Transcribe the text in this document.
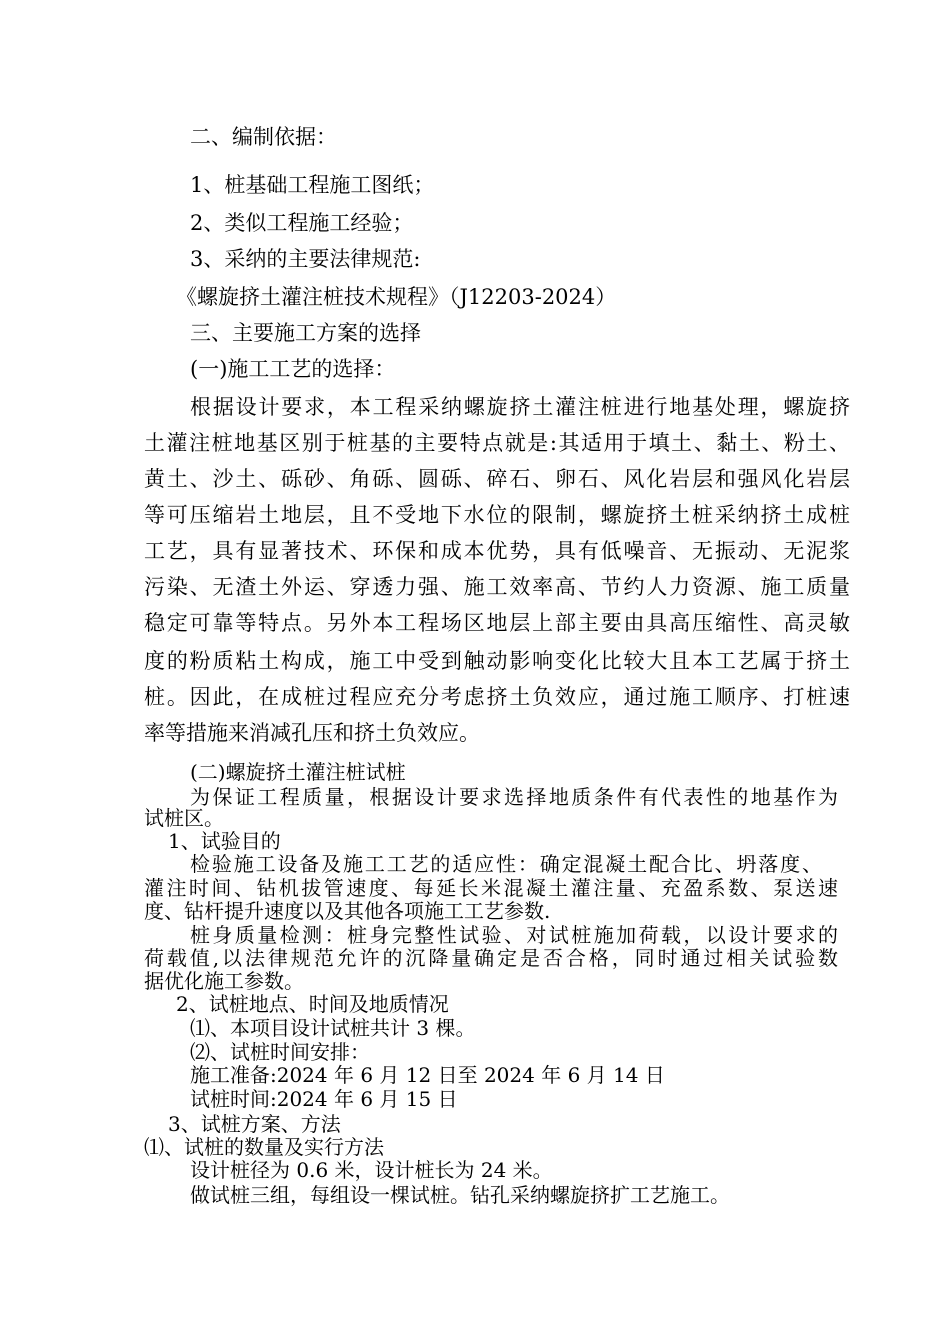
二、编制依据：
1、桩基础工程施工图纸；
2、类似工程施工经验；
3、采纳的主要法律规范:
《螺旋挤土灌注桩技术规程》（J12203-2024）
三、主要施工方案的选择
(一)施工工艺的选择：
根据设计要求，本工程采纳螺旋挤土灌注桩进行地基处理，螺旋挤
土灌注桩地基区别于桩基的主要特点就是:其适用于填土、黏土、粉土、
黄土、沙土、砾砂、角砾、圆砾、碎石、卵石、风化岩层和强风化岩层
等可压缩岩土地层，且不受地下水位的限制，螺旋挤土桩采纳挤土成桩
工艺，具有显著技术、环保和成本优势，具有低噪音、无振动、无泥浆
污染、无渣土外运、穿透力强、施工效率高、节约人力资源、施工质量
稳定可靠等特点。另外本工程场区地层上部主要由具高压缩性、高灵敏
度的粉质粘土构成，施工中受到触动影响变化比较大且本工艺属于挤土
桩。因此，在成桩过程应充分考虑挤土负效应，通过施工顺序、打桩速
率等措施来消减孔压和挤土负效应。
(二)螺旋挤土灌注桩试桩
为保证工程质量，根据设计要求选择地质条件有代表性的地基作为
试桩区。
1、试验目的
检验施工设备及施工工艺的适应性：确定混凝土配合比、坍落度、
灌注时间、钻机拔管速度、每延长米混凝土灌注量、充盈系数、泵送速
度、钻杆提升速度以及其他各项施工工艺参数.
桩身质量检测：桩身完整性试验、对试桩施加荷载，以设计要求的
荷载值,以法律规范允许的沉降量确定是否合格，同时通过相关试验数
据优化施工参数。
2、试桩地点、时间及地质情况
⑴、本项目设计试桩共计 3 棵。
⑵、试桩时间安排：
施工准备:2024 年 6 月 12 日至 2024 年 6 月 14 日
试桩时间:2024 年 6 月 15 日
3、试桩方案、方法
⑴、试桩的数量及实行方法
设计桩径为 0.6 米，设计桩长为 24 米。
做试桩三组，每组设一棵试桩。钻孔采纳螺旋挤扩工艺施工。
